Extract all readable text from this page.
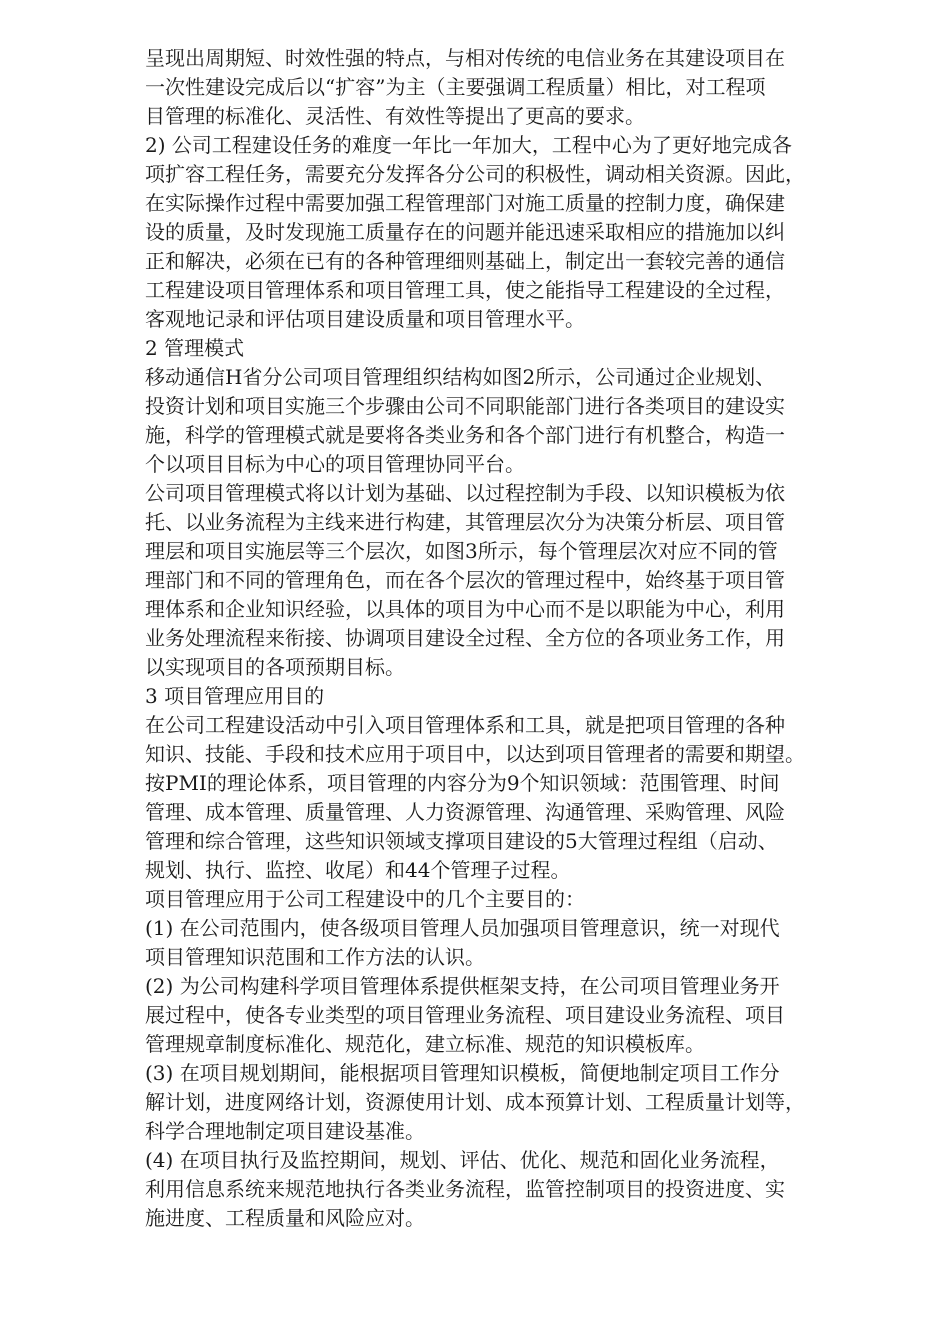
呈现出周期短、时效性强的特点，与相对传统的电信业务在其建设项目在

一次性建设完成后以“扩容”为主（主要强调工程质量）相比，对工程项

目管理的标准化、灵活性、有效性等提出了更高的要求。

2) 公司工程建设任务的难度一年比一年加大，工程中心为了更好地完成各

项扩容工程任务，需要充分发挥各分公司的积极性，调动相关资源。因此，

在实际操作过程中需要加强工程管理部门对施工质量的控制力度，确保建

设的质量，及时发现施工质量存在的问题并能迅速采取相应的措施加以纠

正和解决，必须在已有的各种管理细则基础上，制定出一套较完善的通信

工程建设项目管理体系和项目管理工具，使之能指导工程建设的全过程，

客观地记录和评估项目建设质量和项目管理水平。

2 管理模式

移动通信H省分公司项目管理组织结构如图2所示，公司通过企业规划、

投资计划和项目实施三个步骤由公司不同职能部门进行各类项目的建设实

施，科学的管理模式就是要将各类业务和各个部门进行有机整合，构造一

个以项目目标为中心的项目管理协同平台。

公司项目管理模式将以计划为基础、以过程控制为手段、以知识模板为依

托、以业务流程为主线来进行构建，其管理层次分为决策分析层、项目管

理层和项目实施层等三个层次，如图3所示，每个管理层次对应不同的管

理部门和不同的管理角色，而在各个层次的管理过程中，始终基于项目管

理体系和企业知识经验，以具体的项目为中心而不是以职能为中心，利用

业务处理流程来衔接、协调项目建设全过程、全方位的各项业务工作，用

以实现项目的各项预期目标。

3 项目管理应用目的

在公司工程建设活动中引入项目管理体系和工具，就是把项目管理的各种

知识、技能、手段和技术应用于项目中，以达到项目管理者的需要和期望。

按PMI的理论体系，项目管理的内容分为9个知识领域：范围管理、时间

管理、成本管理、质量管理、人力资源管理、沟通管理、采购管理、风险

管理和综合管理，这些知识领域支撑项目建设的5大管理过程组（启动、

规划、执行、监控、收尾）和44个管理子过程。

项目管理应用于公司工程建设中的几个主要目的：

(1) 在公司范围内，使各级项目管理人员加强项目管理意识，统一对现代

项目管理知识范围和工作方法的认识。

(2) 为公司构建科学项目管理体系提供框架支持，在公司项目管理业务开

展过程中，使各专业类型的项目管理业务流程、项目建设业务流程、项目

管理规章制度标准化、规范化，建立标准、规范的知识模板库。

(3) 在项目规划期间，能根据项目管理知识模板，简便地制定项目工作分

解计划，进度网络计划，资源使用计划、成本预算计划、工程质量计划等，

科学合理地制定项目建设基准。

(4) 在项目执行及监控期间，规划、评估、优化、规范和固化业务流程，

利用信息系统来规范地执行各类业务流程，监管控制项目的投资进度、实

施进度、工程质量和风险应对。
